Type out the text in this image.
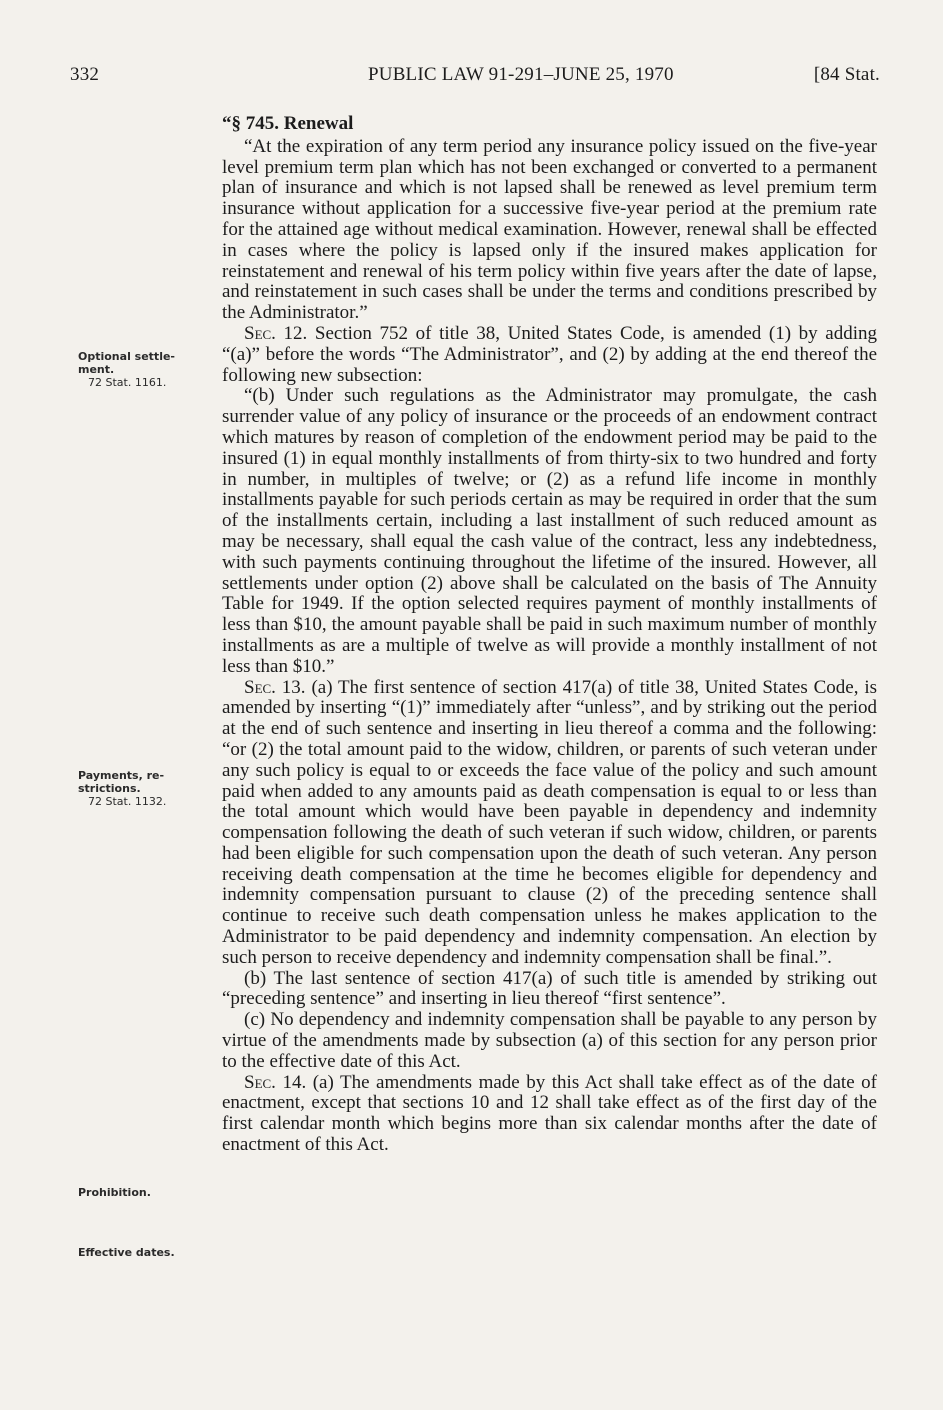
332	PUBLIC LAW 91-291–JUNE 25, 1970	[84 Stat.
Optional settle-
ment.
72 Stat. 1161.
Payments, re-
strictions.
72 Stat. 1132.
Prohibition.
Effective dates.

“§ 745. Renewal

“At the expiration of any term period any insurance policy issued on the five-year level premium term plan which has not been exchanged or converted to a permanent plan of insurance and which is not lapsed shall be renewed as level premium term insurance without application for a successive five-year period at the premium rate for the attained age without medical examination. However, renewal shall be effected in cases where the policy is lapsed only if the insured makes application for reinstatement and renewal of his term policy within five years after the date of lapse, and reinstatement in such cases shall be under the terms and conditions prescribed by the Administrator.”

Sec. 12. Section 752 of title 38, United States Code, is amended (1) by adding “(a)” before the words “The Administrator”, and (2) by adding at the end thereof the following new subsection:

“(b) Under such regulations as the Administrator may promulgate, the cash surrender value of any policy of insurance or the proceeds of an endowment contract which matures by reason of completion of the endowment period may be paid to the insured (1) in equal monthly installments of from thirty-six to two hundred and forty in number, in multiples of twelve; or (2) as a refund life income in monthly installments payable for such periods certain as may be required in order that the sum of the installments certain, including a last installment of such reduced amount as may be necessary, shall equal the cash value of the contract, less any indebtedness, with such payments continuing throughout the lifetime of the insured. However, all settlements under option (2) above shall be calculated on the basis of The Annuity Table for 1949. If the option selected requires payment of monthly installments of less than $10, the amount payable shall be paid in such maximum number of monthly installments as are a multiple of twelve as will provide a monthly installment of not less than $10.”

Sec. 13. (a) The first sentence of section 417(a) of title 38, United States Code, is amended by inserting “(1)” immediately after “unless”, and by striking out the period at the end of such sentence and inserting in lieu thereof a comma and the following: “or (2) the total amount paid to the widow, children, or parents of such veteran under any such policy is equal to or exceeds the face value of the policy and such amount paid when added to any amounts paid as death compensation is equal to or less than the total amount which would have been payable in dependency and indemnity compensation following the death of such veteran if such widow, children, or parents had been eligible for such compensation upon the death of such veteran. Any person receiving death compensation at the time he becomes eligible for dependency and indemnity compensation pursuant to clause (2) of the preceding sentence shall continue to receive such death compensation unless he makes application to the Administrator to be paid dependency and indemnity compensation. An election by such person to receive dependency and indemnity compensation shall be final.”.

(b) The last sentence of section 417(a) of such title is amended by striking out “preceding sentence” and inserting in lieu thereof “first sentence”.

(c) No dependency and indemnity compensation shall be payable to any person by virtue of the amendments made by subsection (a) of this section for any person prior to the effective date of this Act.

Sec. 14. (a) The amendments made by this Act shall take effect as of the date of enactment, except that sections 10 and 12 shall take effect as of the first day of the first calendar month which begins more than six calendar months after the date of enactment of this Act.
